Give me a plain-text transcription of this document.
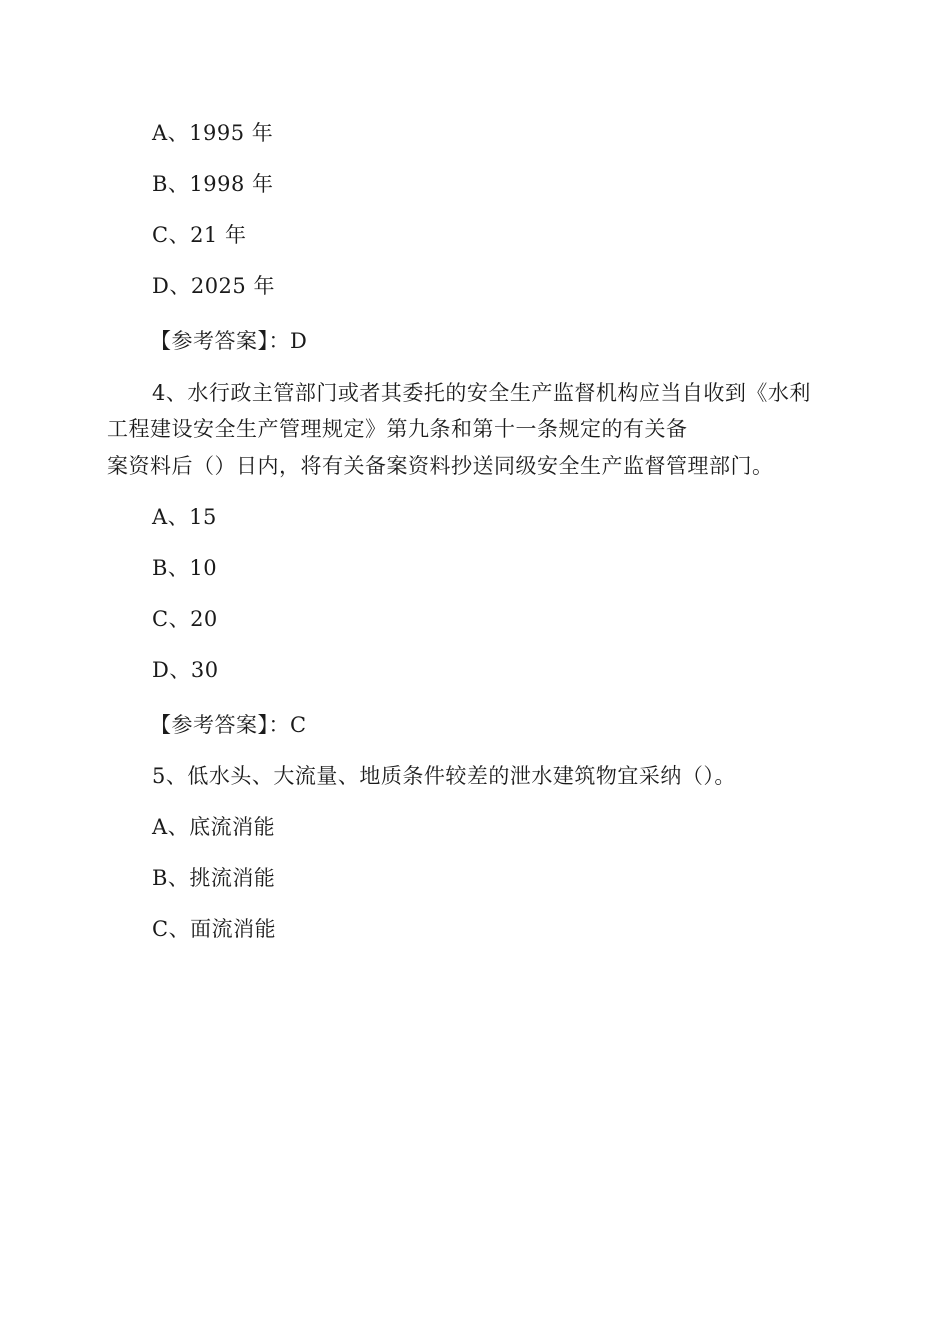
A、1995 年
B、1998 年
C、21 年
D、2025 年
【参考答案】：D
4、水行政主管部门或者其委托的安全生产监督机构应当自收到《水利
工程建设安全生产管理规定》第九条和第十一条规定的有关备
案资料后（）日内，将有关备案资料抄送同级安全生产监督管理部门。
A、15
B、10
C、20
D、30
【参考答案】：C
5、低水头、大流量、地质条件较差的泄水建筑物宜采纳（）。
A、底流消能
B、挑流消能
C、面流消能
